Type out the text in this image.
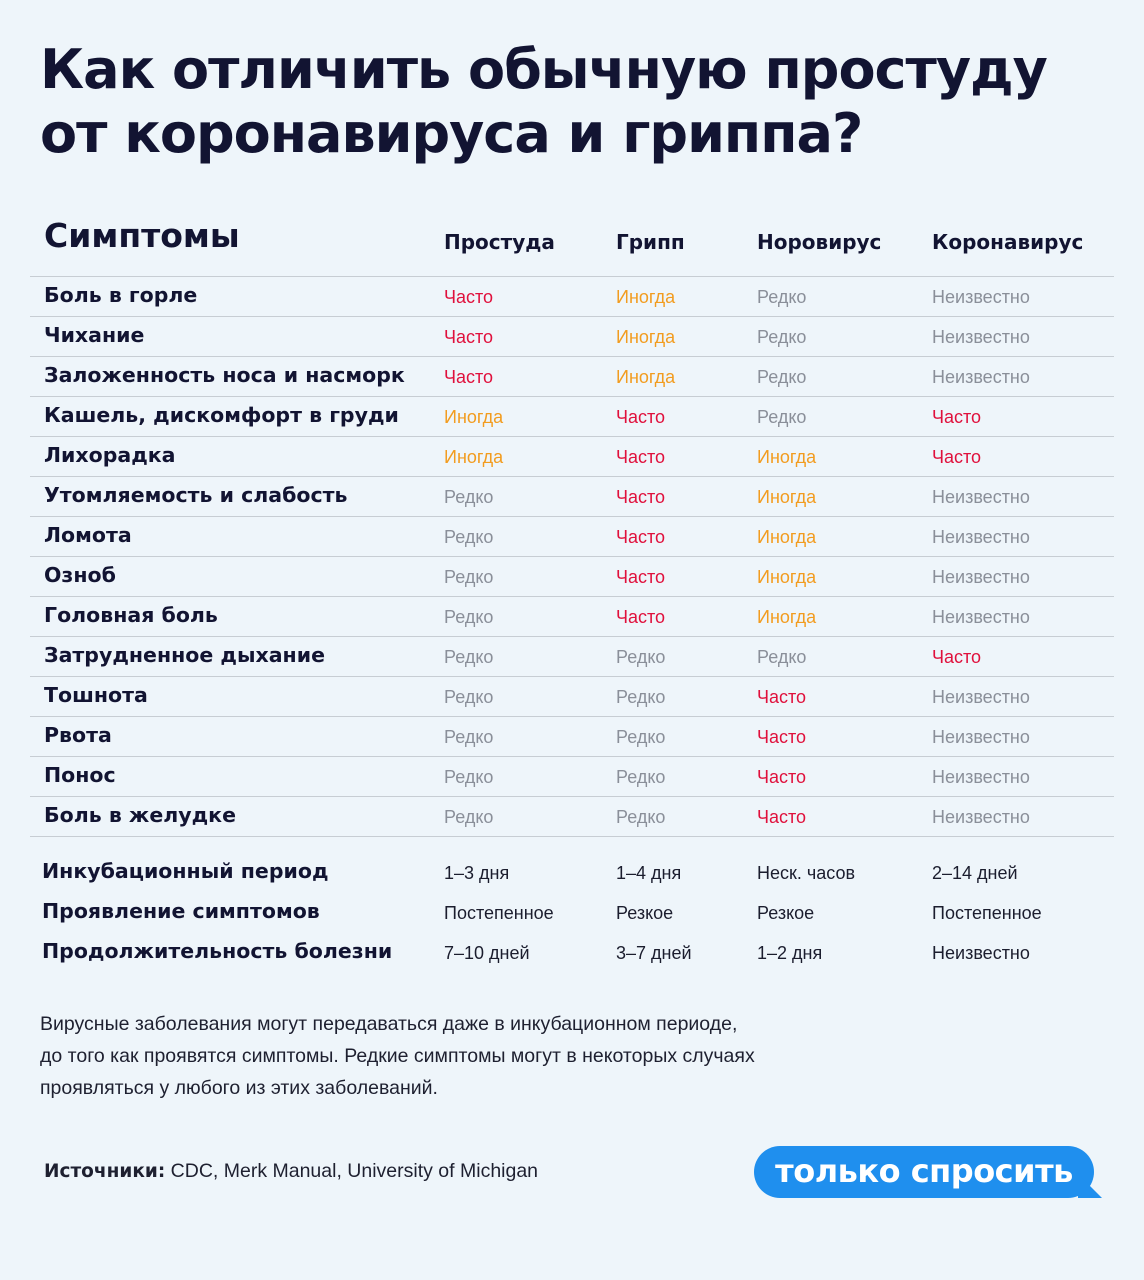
Как отличить обычную простуду
от коронавируса и гриппа?
Симптомы	Простуда	Грипп	Норовирус	Коронавирус
Боль в горле	Часто	Иногда	Редко	Неизвестно
Чихание	Часто	Иногда	Редко	Неизвестно
Заложенность носа и насморк Часто	Иногда	Редко	Неизвестно
Кашель, дискомфорт в груди	Иногда	Часто	Редко	Часто
Лихорадка	Иногда	Часто	Иногда	Часто
Утомляемость и слабость	Редко	Часто	Иногда	Неизвестно
Ломота	Редко	Часто	Иногда	Неизвестно
Озноб	Редко	Часто	Иногда	Неизвестно
Головная боль	Редко	Часто	Иногда	Неизвестно
Затрудненное дыхание	Редко	Редко	Редко	Часто
Тошнота	Редко	Редко	Часто	Неизвестно
Рвота	Редко	Редко	Часто	Неизвестно
Понос	Редко	Редко	Часто	Неизвестно
Боль в желудке	Редко	Редко	Часто	Неизвестно
Инкубационный период	1–3 дня	1–4 дня	Неск. часов	2–14 дней
Проявление симптомов	Постепенное	Резкое	Резкое	Постепенное
Продолжительность болезни	7–10 дней	3–7 дней	1–2 дня	Неизвестно
Вирусные заболевания могут передаваться даже в инкубационном периоде,
до того как проявятся симптомы. Редкие симптомы могут в некоторых случаях
проявляться у любого из этих заболеваний.
Источники: CDC, Merk Manual, University of Michigan	только спросить
